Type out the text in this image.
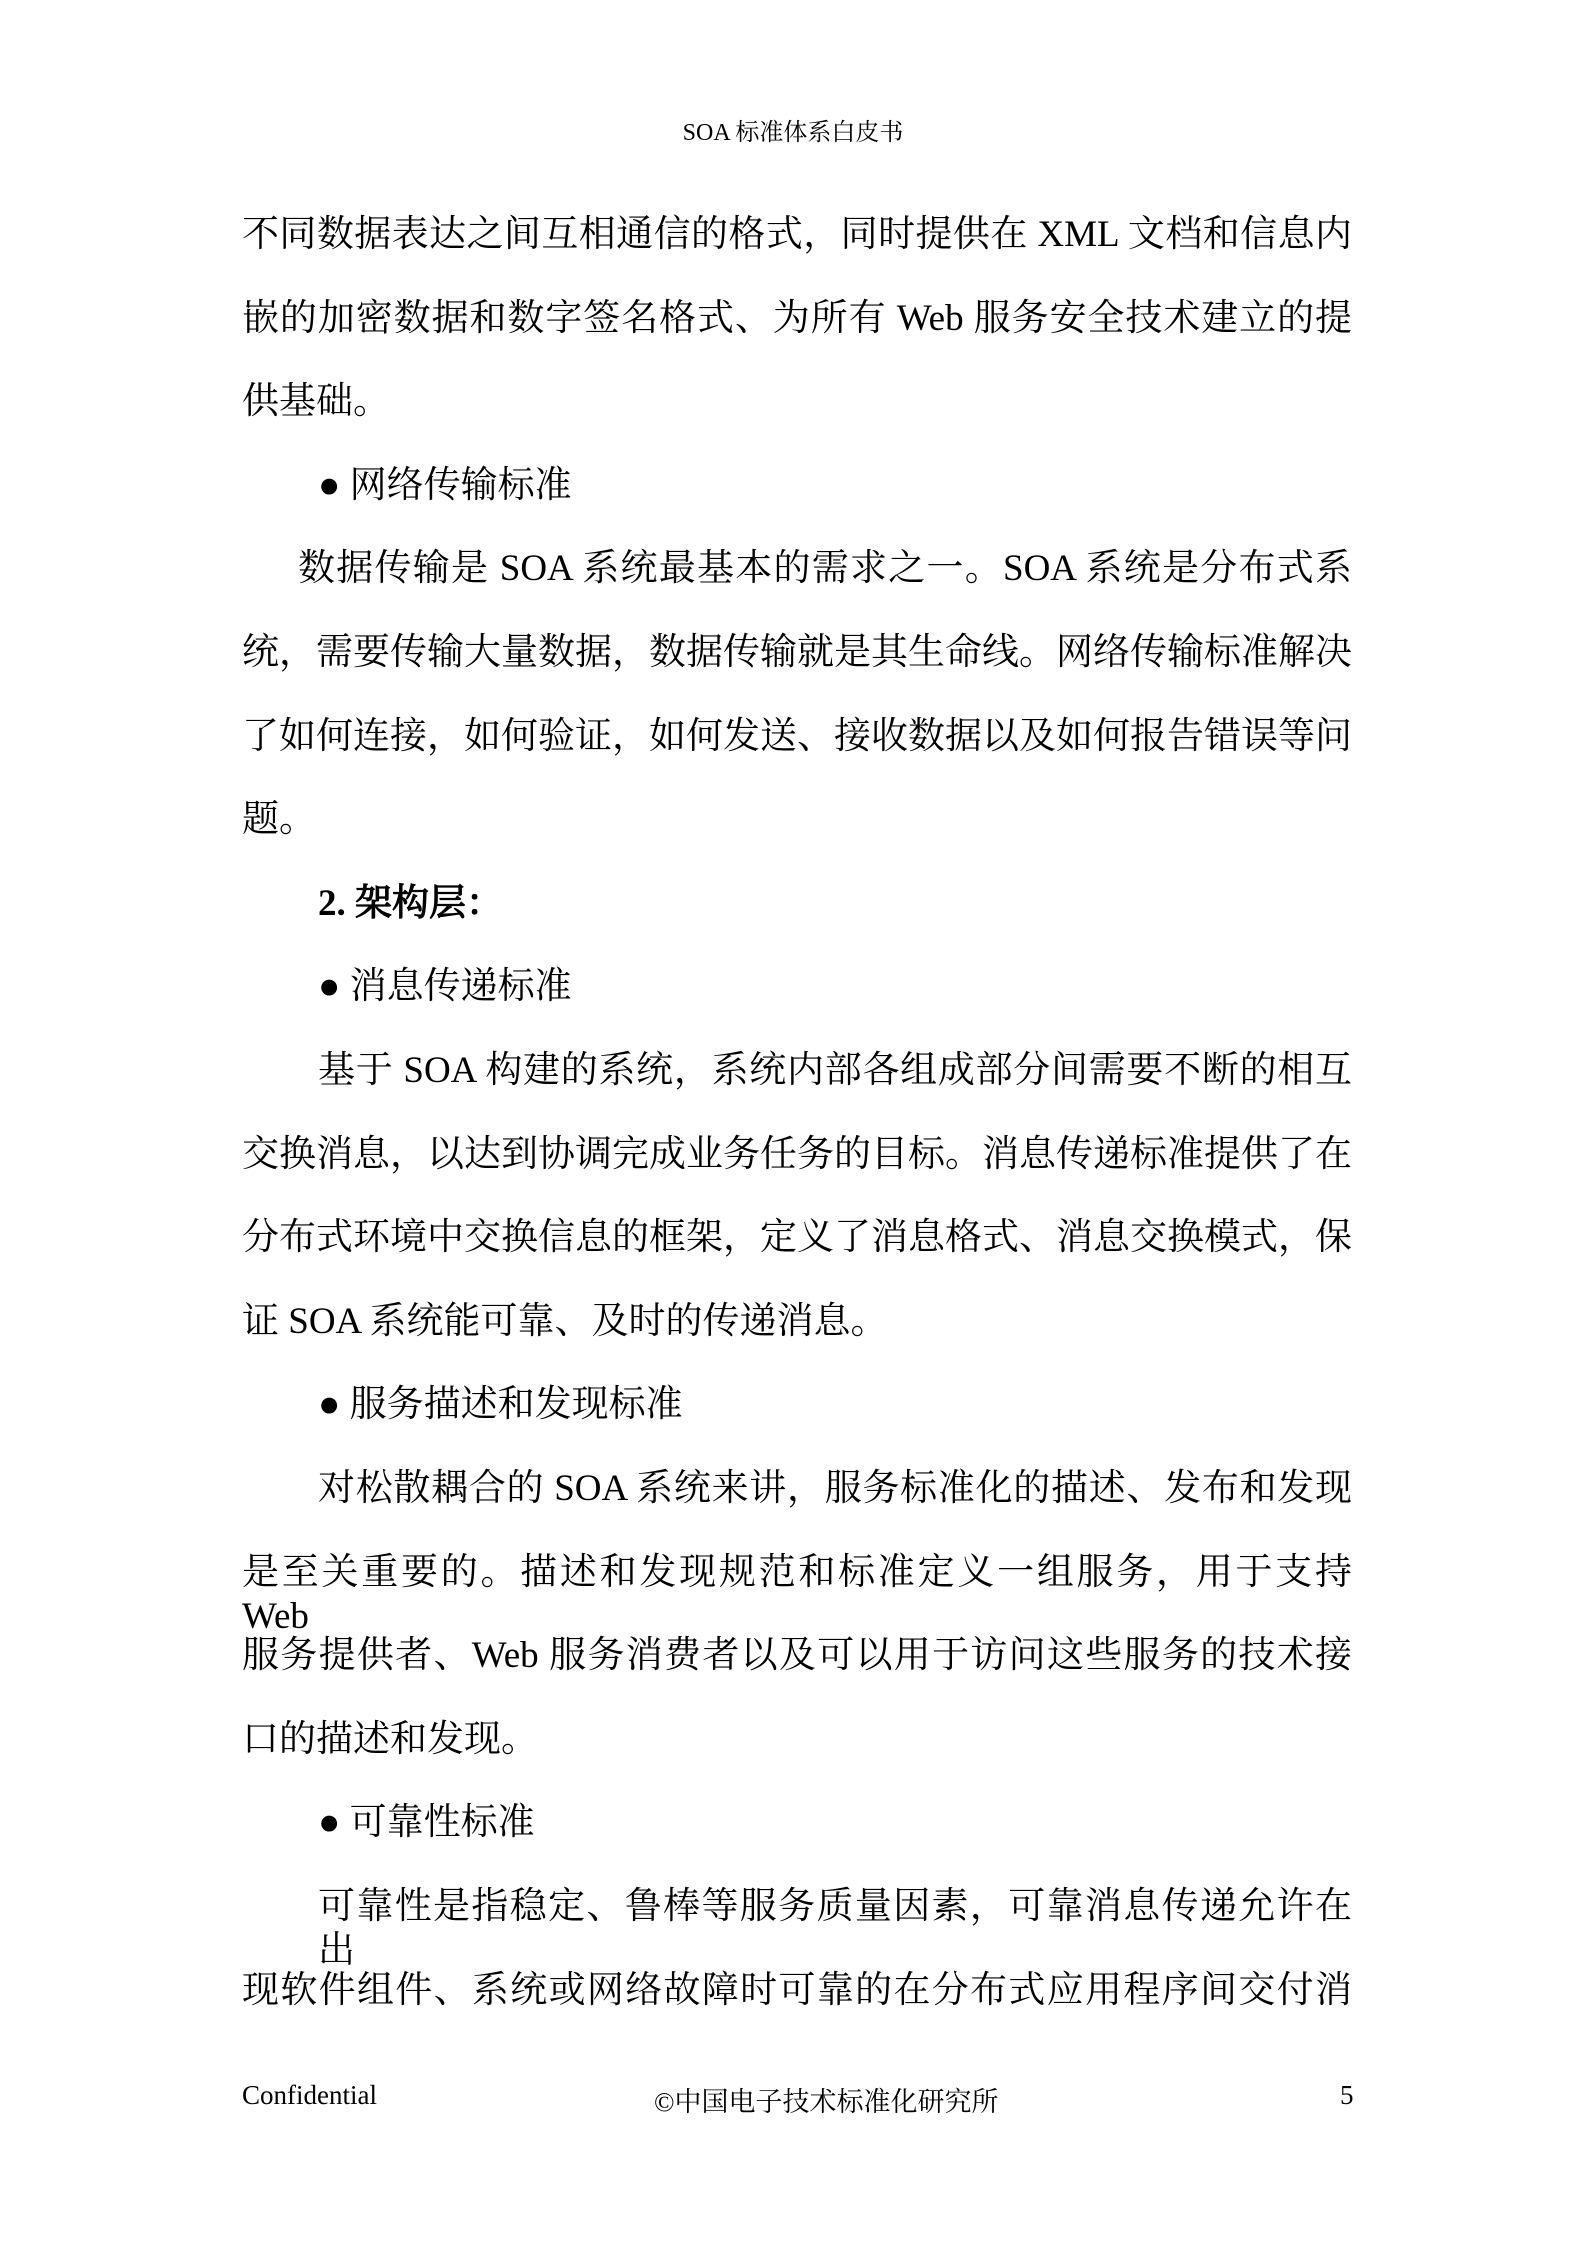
SOA 标准体系白皮书
不同数据表达之间互相通信的格式，同时提供在 XML 文档和信息内
嵌的加密数据和数字签名格式、为所有 Web 服务安全技术建立的提
供基础。
● 网络传输标准
数据传输是 SOA 系统最基本的需求之一。SOA 系统是分布式系
统，需要传输大量数据，数据传输就是其生命线。网络传输标准解决
了如何连接，如何验证，如何发送、接收数据以及如何报告错误等问
题。
2. 架构层：
● 消息传递标准
基于 SOA 构建的系统，系统内部各组成部分间需要不断的相互
交换消息，以达到协调完成业务任务的目标。消息传递标准提供了在
分布式环境中交换信息的框架，定义了消息格式、消息交换模式，保
证 SOA 系统能可靠、及时的传递消息。
● 服务描述和发现标准
对松散耦合的 SOA 系统来讲，服务标准化的描述、发布和发现
是至关重要的。描述和发现规范和标准定义一组服务，用于支持 Web
服务提供者、Web 服务消费者以及可以用于访问这些服务的技术接
口的描述和发现。
● 可靠性标准
可靠性是指稳定、鲁棒等服务质量因素，可靠消息传递允许在出
现软件组件、系统或网络故障时可靠的在分布式应用程序间交付消
Confidential	©中国电子技术标准化研究所	5
